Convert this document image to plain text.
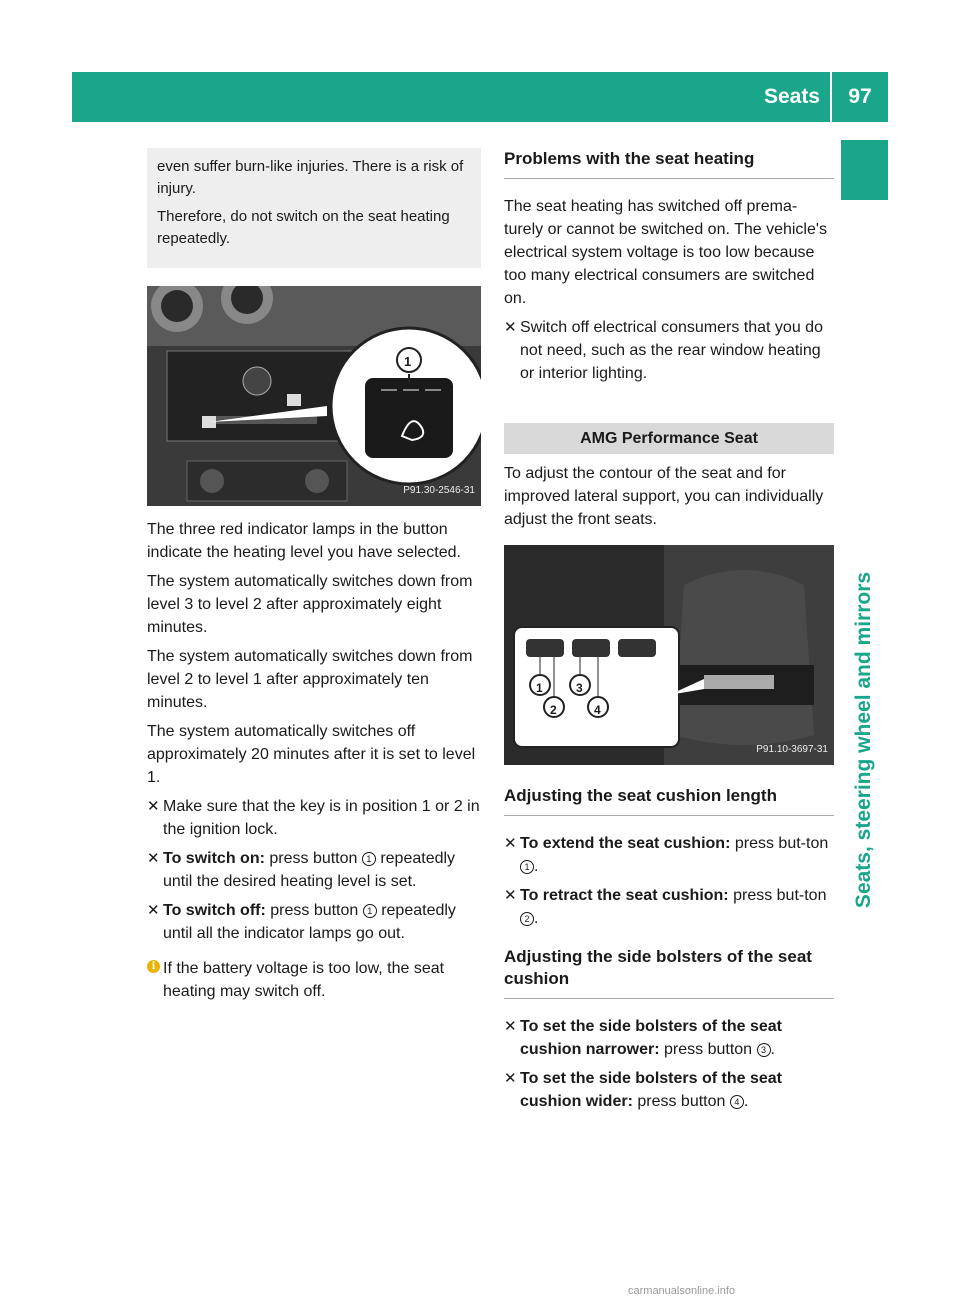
Seats	97
Seats, steering wheel and mirrors

even suffer burn-like injuries. There is a risk of injury.

Therefore, do not switch on the seat heating repeatedly.

1
P91.30-2546-31

The three red indicator lamps in the button indicate the heating level you have selected.

The system automatically switches down from level 3 to level 2 after approximately eight minutes.

The system automatically switches down from level 2 to level 1 after approximately ten minutes.

The system automatically switches off approximately 20 minutes after it is set to level 1.

✕ Make sure that the key is in position 1 or 2 in the ignition lock.
✕ To switch on: press button 1 repeatedly until the desired heating level is set.
✕ To switch off: press button 1 repeatedly until all the indicator lamps go out.
i If the battery voltage is too low, the seat heating may switch off.
Problems with the seat heating

The seat heating has switched off prema-turely or cannot be switched on. The vehicle's electrical system voltage is too low because too many electrical consumers are switched on.

✕ Switch off electrical consumers that you do not need, such as the rear window heating or interior lighting.
AMG Performance Seat

To adjust the contour of the seat and for improved lateral support, you can individually adjust the front seats.

1
2
3
4
P91.10-3697-31
Adjusting the seat cushion length
✕ To extend the seat cushion: press but-ton 1 .
✕ To retract the seat cushion: press but-ton 2 .
Adjusting the side bolsters of the seat cushion
✕ To set the side bolsters of the seat cushion narrower: press button 3 .
✕ To set the side bolsters of the seat cushion wider: press button 4 .
carmanualsonline.info
